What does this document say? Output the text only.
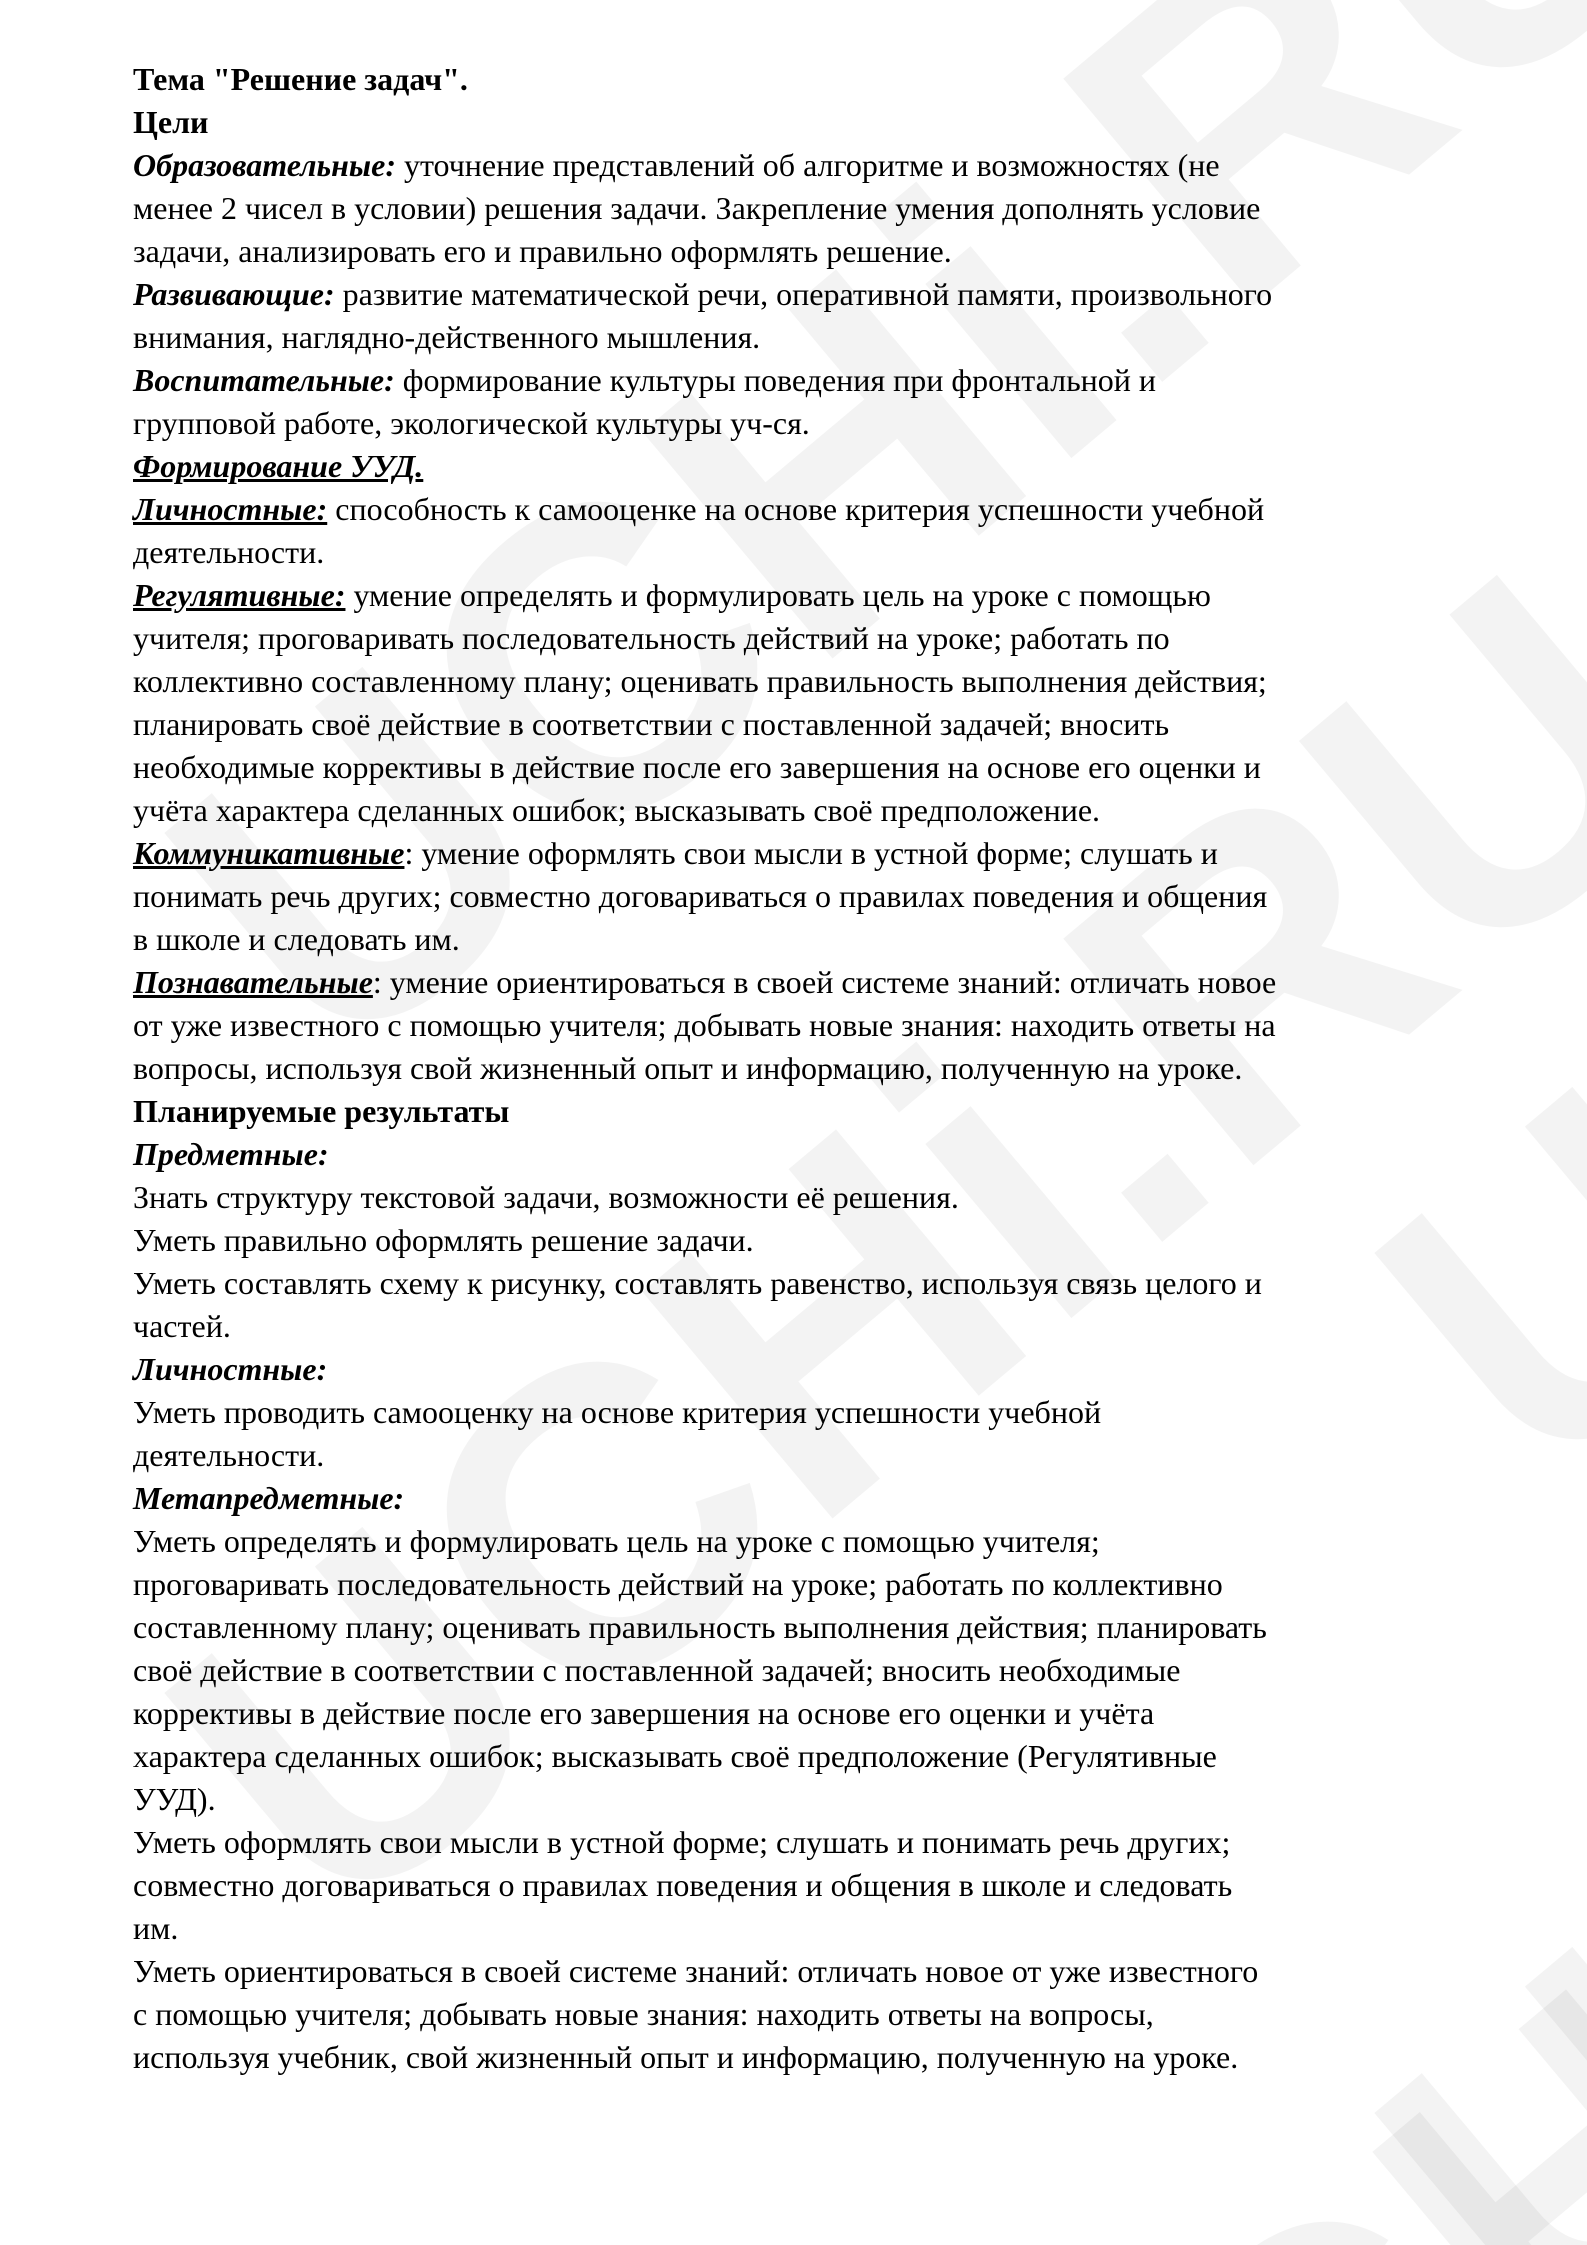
Тема "Решение задач".
Цели
Образовательные: уточнение представлений об алгоритме и возможностях (не
менее 2 чисел в условии) решения задачи. Закрепление умения дополнять условие
задачи, анализировать его и правильно оформлять решение.
Развивающие: развитие математической речи, оперативной памяти, произвольного
внимания, наглядно-действенного мышления.
Воспитательные: формирование культуры поведения при фронтальной и
групповой работе, экологической культуры уч-ся.
Формирование УУД.
Личностные: способность к самооценке на основе критерия успешности учебной
деятельности.
Регулятивные: умение определять и формулировать цель на уроке с помощью
учителя; проговаривать последовательность действий на уроке; работать по
коллективно составленному плану; оценивать правильность выполнения действия;
планировать своё действие в соответствии с поставленной задачей; вносить
необходимые коррективы в действие после его завершения на основе его оценки и
учёта характера сделанных ошибок; высказывать своё предположение.
Коммуникативные: умение оформлять свои мысли в устной форме; слушать и
понимать речь других; совместно договариваться о правилах поведения и общения
в школе и следовать им.
Познавательные: умение ориентироваться в своей системе знаний: отличать новое
от уже известного с помощью учителя; добывать новые знания: находить ответы на
вопросы, используя свой жизненный опыт и информацию, полученную на уроке.
Планируемые результаты
Предметные:
Знать структуру текстовой задачи, возможности её решения.
Уметь правильно оформлять решение задачи.
Уметь составлять схему к рисунку, составлять равенство, используя связь целого и
частей.
Личностные:
Уметь проводить самооценку на основе критерия успешности учебной
деятельности.
Метапредметные:
Уметь определять и формулировать цель на уроке с помощью учителя;
проговаривать последовательность действий на уроке; работать по коллективно
составленному плану; оценивать правильность выполнения действия; планировать
своё действие в соответствии с поставленной задачей; вносить необходимые
коррективы в действие после его завершения на основе его оценки и учёта
характера сделанных ошибок; высказывать своё предположение (Регулятивные
УУД).
Уметь оформлять свои мысли в устной форме; слушать и понимать речь других;
совместно договариваться о правилах поведения и общения в школе и следовать
им.
Уметь ориентироваться в своей системе знаний: отличать новое от уже известного
с помощью учителя; добывать новые знания: находить ответы на вопросы,
используя учебник, свой жизненный опыт и информацию, полученную на уроке.
